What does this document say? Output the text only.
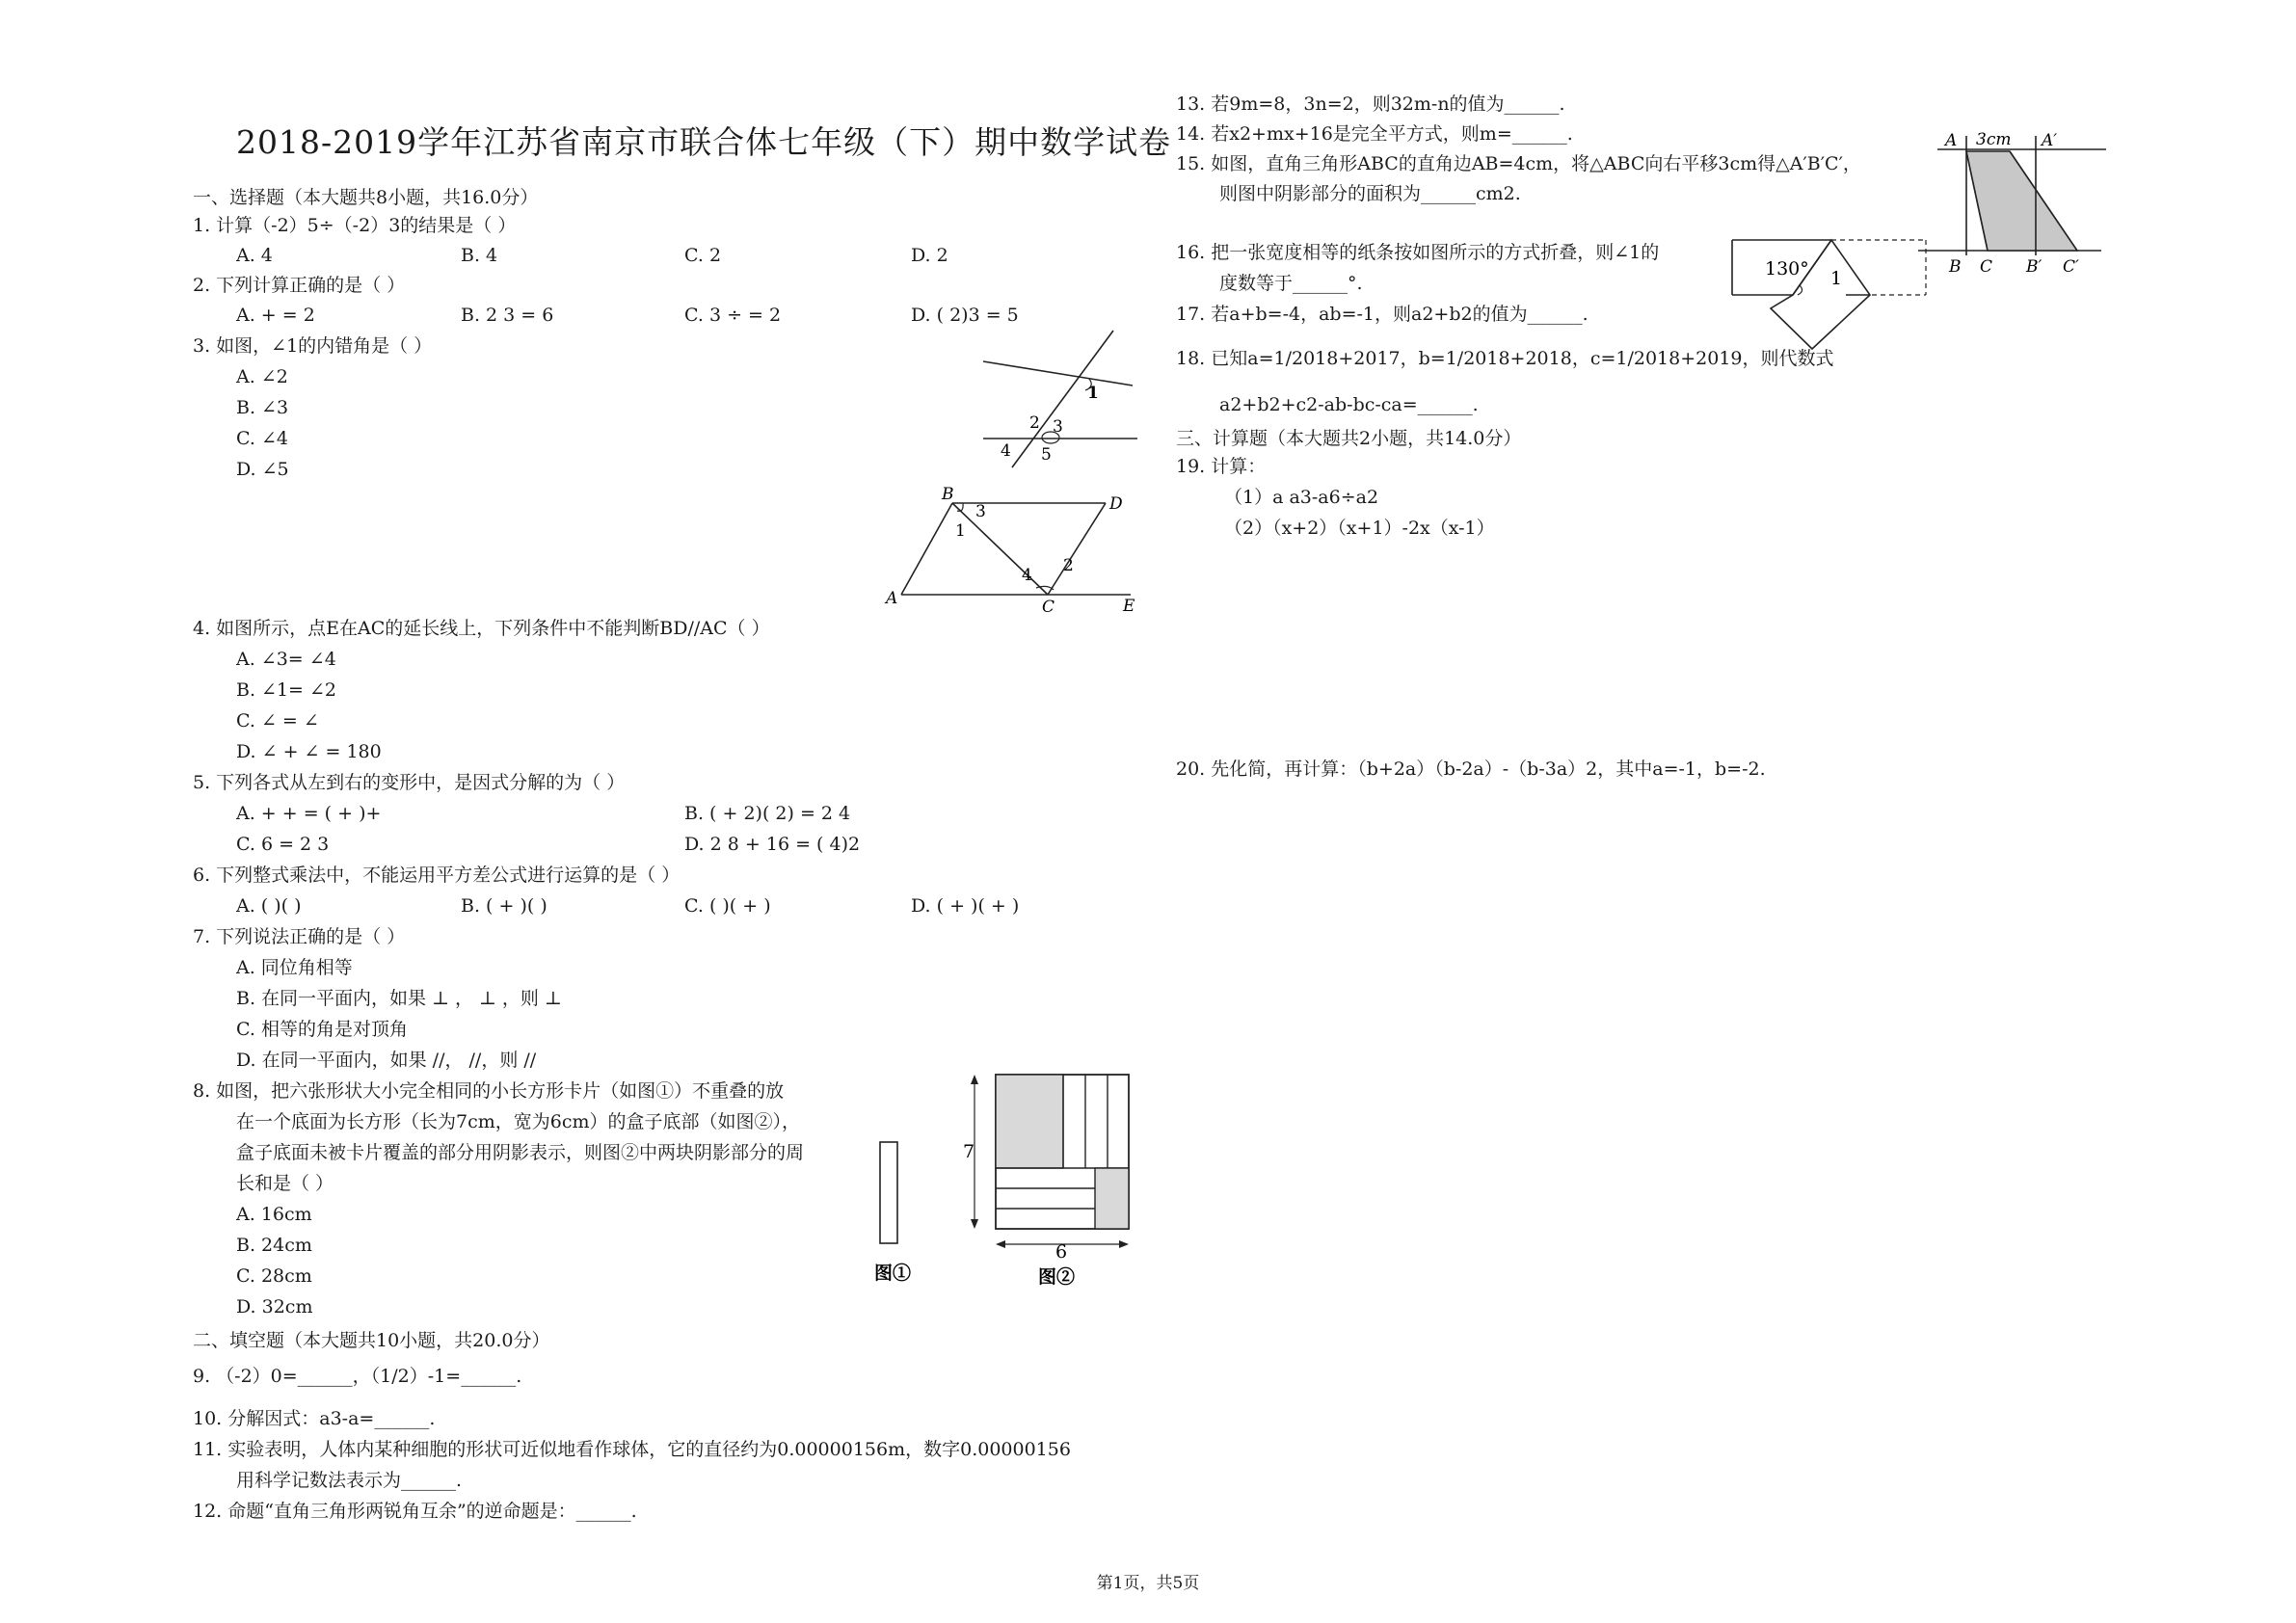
2018-2019学年江苏省南京市联合体七年级（下）期中数学试卷
一、选择题（本大题共8小题，共16.0分）
1. 计算（-2）5÷（-2）3的结果是（ ）
A. 4	B. 4	C. 2	D. 2
2. 下列计算正确的是（ ）
A. + = 2	B. 2 3 = 6	C. 3 ÷ = 2	D. ( 2)3 = 5
3. 如图，∠1的内错角是（ ）
A. ∠2
B. ∠3
C. ∠4
D. ∠5
1
2 3
4 5
B	D
A	C	E
1
2
3
4
4. 如图所示，点E在AC的延长线上，下列条件中不能判断BD//AC（ ）
A. ∠3= ∠4
B. ∠1= ∠2
C. ∠ = ∠
D. ∠ + ∠ = 180
5. 下列各式从左到右的变形中，是因式分解的为（ ）
A. + + = ( + )+	B. ( + 2)( 2) = 2 4
C. 6 = 2 3	D. 2 8 + 16 = ( 4)2
6. 下列整式乘法中，不能运用平方差公式进行运算的是（ ）
A. ( )( )	B. ( + )( )	C. ( )( + )	D. ( + )( + )
7. 下列说法正确的是（ ）
A. 同位角相等
B. 在同一平面内，如果 ⊥ ， ⊥ ，则 ⊥
C. 相等的角是对顶角
D. 在同一平面内，如果 //， //，则 //
8. 如图，把六张形状大小完全相同的小长方形卡片（如图①）不重叠的放
在一个底面为长方形（长为7cm，宽为6cm）的盒子底部（如图②），
盒子底面未被卡片覆盖的部分用阴影表示，则图②中两块阴影部分的周
长和是（ ）
A. 16cm
B. 24cm
C. 28cm
D. 32cm
图①
7
6
图②
二、填空题（本大题共10小题，共20.0分）
9. （-2）0=______，（1/2）-1=______.
10. 分解因式：a3-a=______.
11. 实验表明，人体内某种细胞的形状可近似地看作球体，它的直径约为0.00000156m，数字0.00000156
用科学记数法表示为______.
12. 命题“直角三角形两锐角互余”的逆命题是：______.
13. 若9m=8，3n=2，则32m-n的值为______.
14. 若x2+mx+16是完全平方式，则m=______.
15. 如图，直角三角形ABC的直角边AB=4cm，将△ABC向右平移3cm得△A′B′C′，
则图中阴影部分的面积为______cm2.
A 3cm A′
B C B′ C′
16. 把一张宽度相等的纸条按如图所示的方式折叠，则∠1的
度数等于______°.
130° 1
17. 若a+b=-4，ab=-1，则a2+b2的值为______.
18. 已知a=1/2018+2017，b=1/2018+2018，c=1/2018+2019，则代数式
a2+b2+c2-ab-bc-ca=______.
三、计算题（本大题共2小题，共14.0分）
19. 计算：
（1）a a3-a6÷a2
（2）（x+2）（x+1）-2x（x-1）
20. 先化简，再计算：（b+2a）（b-2a）-（b-3a）2，其中a=-1，b=-2.
第1页，共5页
